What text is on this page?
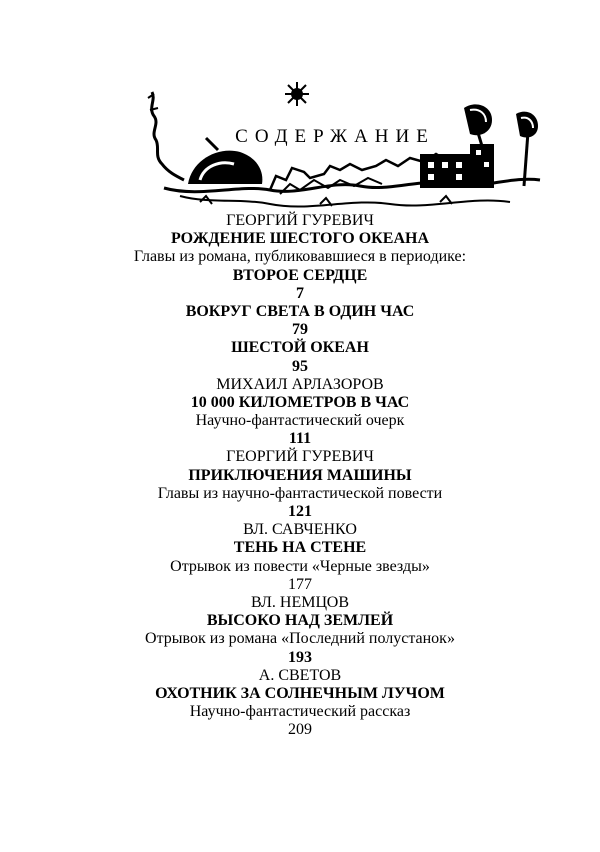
СОДЕРЖАНИЕ
ГЕОРГИЙ ГУРЕВИЧ
РОЖДЕНИЕ ШЕСТОГО ОКЕАНА
Главы из романа, публиковавшиеся в периодике:
ВТОРОЕ СЕРДЦЕ
7
ВОКРУГ СВЕТА В ОДИН ЧАС
79
ШЕСТОЙ ОКЕАН
95
МИХАИЛ АРЛАЗОРОВ
10 000 КИЛОМЕТРОВ В ЧАС
Научно-фантастический очерк
111
ГЕОРГИЙ ГУРЕВИЧ
ПРИКЛЮЧЕНИЯ МАШИНЫ
Главы из научно-фантастической повести
121
ВЛ. САВЧЕНКО
ТЕНЬ НА СТЕНЕ
Отрывок из повести «Черные звезды»
177
ВЛ. НЕМЦОВ
ВЫСОКО НАД ЗЕМЛЕЙ
Отрывок из романа «Последний полустанок»
193
А. СВЕТОВ
ОХОТНИК ЗА СОЛНЕЧНЫМ ЛУЧОМ
Научно-фантастический рассказ
209
